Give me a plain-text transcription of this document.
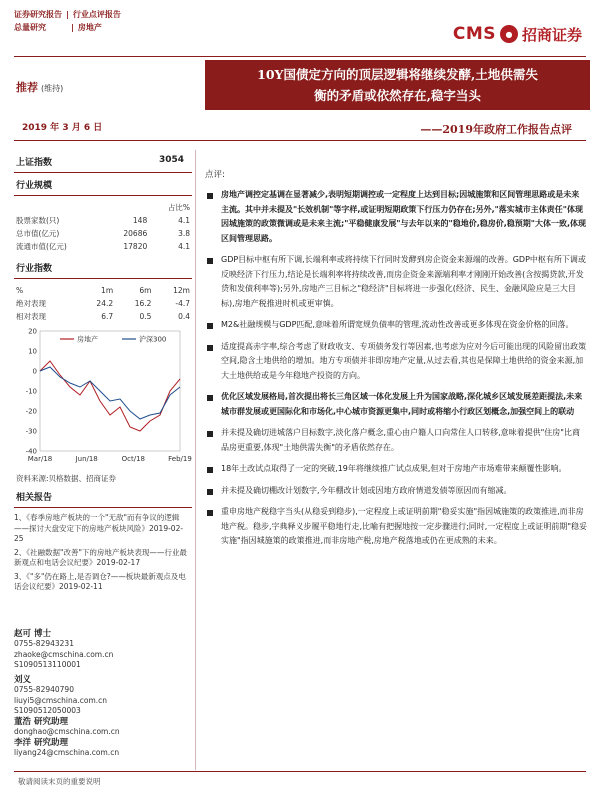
证券研究报告 | 行业点评报告
总量研究	| 房地产	CMS	● 招商证券
推荐 (维持)
10Y国债定方向的顶层逻辑将继续发酵,土地供需失
衡的矛盾或依然存在,稳字当头
2019 年 3 月 6 日	——2019年政府工作报告点评
上证指数	3054
行业规模
		占比%
股票家数(只)	148	4.1
总市值(亿元)	20686	3.8
流通市值(亿元)	17820	4.1
行业指数
%	1m	6m	12m
绝对表现	24.2	16.2	-4.7
相对表现	6.7	0.5	0.4
20
10
0
-10
-20
-30
-40
Mar/18	Jun/18	Oct/18	Feb/19
房地产	沪深300
资料来源:贝格数据、招商证券
相关报告

1、《春季房地产板块的一个"无敌"而有争议的逻辑——探讨大盘安定下的房地产板块风险》2019-02-25

2、《社融数据"改善"下的房地产板块表现——行业最新观点和电话会议纪要》2019-02-17

3、《"多"仍在路上,是否调仓?——板块最新观点及电话会议纪要》2019-02-11

赵可 博士
0755-82943231
zhaoke@cmschina.com.cn
S1090513110001
刘义
0755-82940790
liuyi5@cmschina.com.cn
S1090512050003
董浩 研究助理
donghao@cmschina.com.cn
李洋 研究助理
liyang24@cmschina.com.cn
点评:
房地产调控定基调在显著减少,表明短期调控或一定程度上达到目标;因城施策和区间管理思路或是未来主流。其中并未提及"长效机制"等字样,或证明短期政策下行压力仍存在;另外,"落实城市主体责任"体现因城施策的政策微调或是未来主流;"平稳健康发展"与去年以来的"稳地价,稳房价,稳预期"大体一致,体现区间管理思路。
GDP目标中枢有所下调,长端利率或将持续下行同时发酵到房企资金来源端的改善。GDP中枢有所下调或反映经济下行压力,结论是长端利率将持续改善,而房企资金来源端利率才刚刚开始改善(含按揭贷款,开发贷和发债利率等);另外,房地产三目标之"稳经济"目标将进一步强化(经济、民生、金融风险应是三大目标),房地产税推进时机或更审慎。
M2&社融规模与GDP匹配,意味着所谓宽规负债率的管理,流动性改善或更多体现在资金价格的回落。
适度提高赤字率,综合考虑了财政收支、专项债务发行等因素,也考虑为应对今后可能出现的风险留出政策空间,隐含土地供给的增加。地方专项债并非即房地产定量,从过去看,其也是保障土地供给的资金来源,加大土地供给或是今年稳地产投资的方向。
优化区域发展格局,首次提出将长三角区域一体化发展上升为国家战略,深化城乡区域发展差距提法,未来城市群发展或更国际化和市场化,中心城市资源更集中,同时或将缩小行政区划概念,加强空间上的联动
并未提及确切进城落户目标数字,淡化落户概念,重心由户籍人口向常住人口转移,意味着提供"住房"比商品房更重要,体现"土地供需失衡"的矛盾依然存在。
18年土改试点取得了一定的突破,19年将继续推广试点成果,但对于房地产市场难带来颠覆性影响。
并未提及确切棚改计划数字,今年棚改计划或因地方政府情道发债等原因而有缩减。
重申房地产税稳字当头(从稳妥到稳步),一定程度上或证明前期"稳妥实施"指因城施策的政策推进,而非房地产税。稳步,字典释义步履平稳地行走,比喻有把握地按一定步骤进行;同时,一定程度上或证明前期"稳妥实施"指因城施策的政策推进,而非房地产税,房地产税落地或仍在更成熟的未来。
敬请阅读末页的重要说明
